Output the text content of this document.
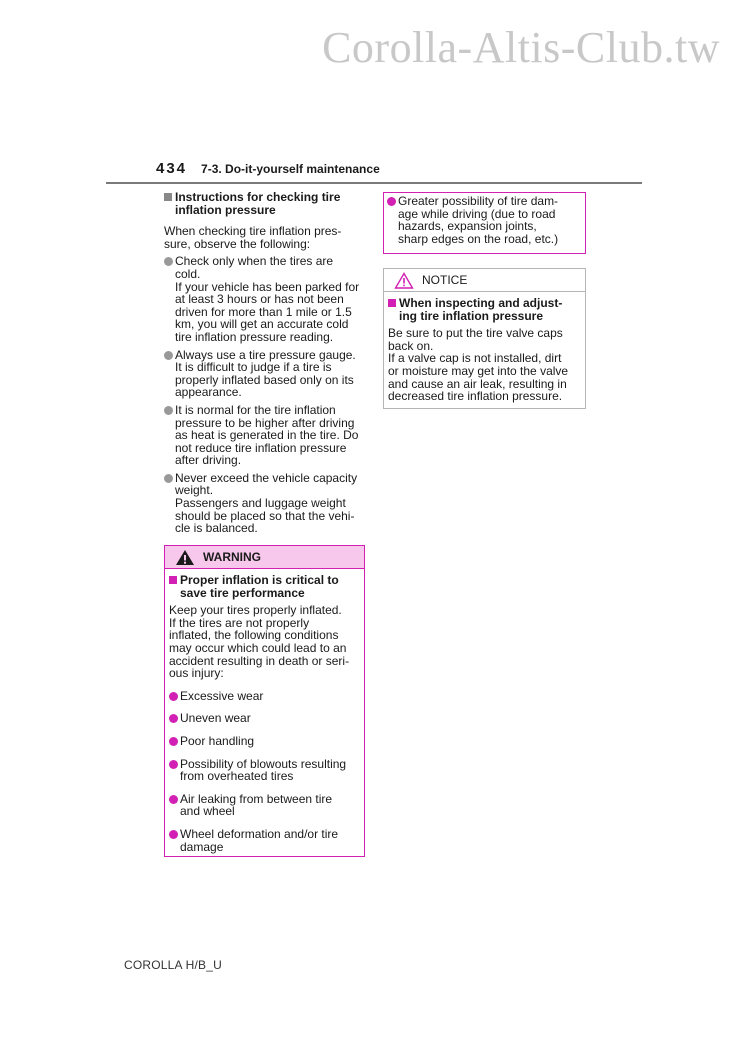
Corolla-Altis-Club.tw
434 7-3. Do-it-yourself maintenance
Instructions for checking tire
inflation pressure
When checking tire inflation pres-
sure, observe the following:
Check only when the tires are
cold.
If your vehicle has been parked for
at least 3 hours or has not been
driven for more than 1 mile or 1.5
km, you will get an accurate cold
tire inflation pressure reading.
Always use a tire pressure gauge.
It is difficult to judge if a tire is
properly inflated based only on its
appearance.
It is normal for the tire inflation
pressure to be higher after driving
as heat is generated in the tire. Do
not reduce tire inflation pressure
after driving.
Never exceed the vehicle capacity
weight.
Passengers and luggage weight
should be placed so that the vehi-
cle is balanced.
WARNING
Proper inflation is critical to
save tire performance
Keep your tires properly inflated.
If the tires are not properly
inflated, the following conditions
may occur which could lead to an
accident resulting in death or seri-
ous injury:
Excessive wear
Uneven wear
Poor handling
Possibility of blowouts resulting
from overheated tires
Air leaking from between tire
and wheel
Wheel deformation and/or tire
damage
Greater possibility of tire dam-
age while driving (due to road
hazards, expansion joints,
sharp edges on the road, etc.)
NOTICE
When inspecting and adjust-
ing tire inflation pressure
Be sure to put the tire valve caps
back on.
If a valve cap is not installed, dirt
or moisture may get into the valve
and cause an air leak, resulting in
decreased tire inflation pressure.
COROLLA H/B_U
